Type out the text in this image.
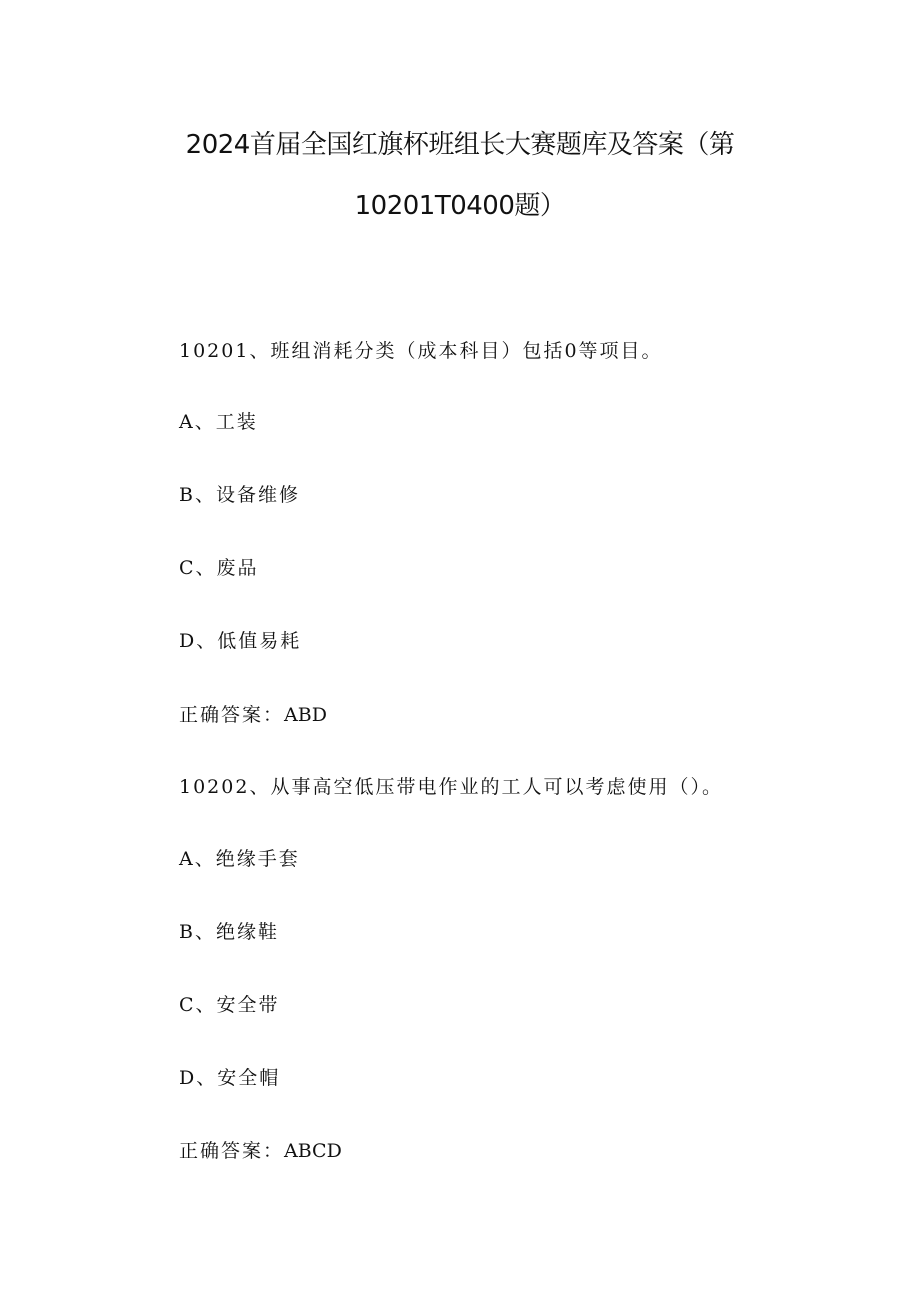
2024首届全国红旗杯班组长大赛题库及答案（第
10201T0400题）
10201、班组消耗分类（成本科目）包括0等项目。
A、工装
B、设备维修
C、废品
D、低值易耗
正确答案：ABD
10202、从事高空低压带电作业的工人可以考虑使用（）。
A、绝缘手套
B、绝缘鞋
C、安全带
D、安全帽
正确答案：ABCD
